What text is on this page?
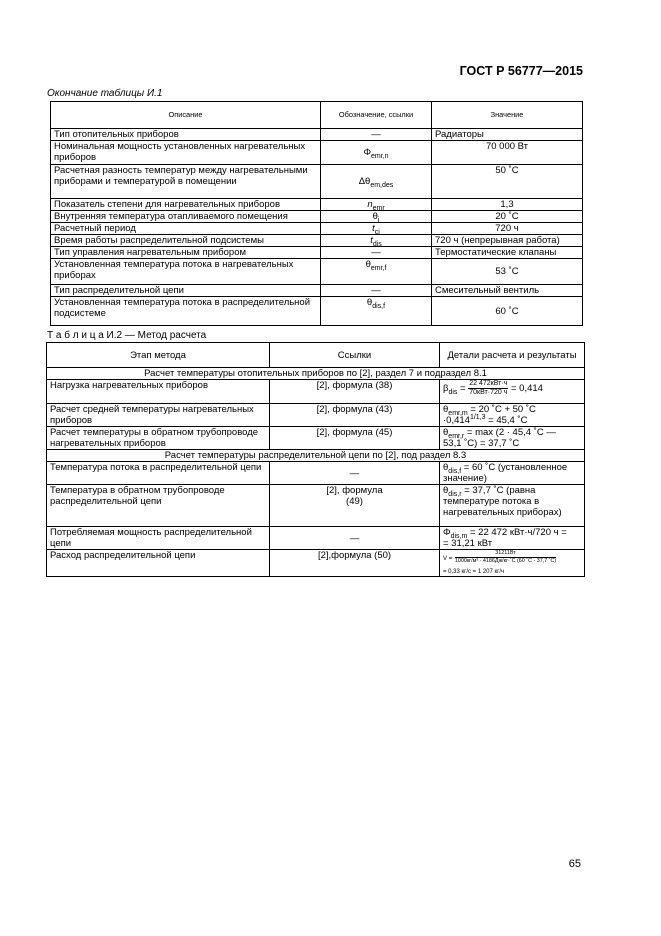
ГОСТ Р 56777—2015
Окончание таблицы И.1
Описание	Обозначение, ссылки	Значение
Тип отопительных приборов	—	Радиаторы
Номинальная мощность установленных нагревательных приборов	$\Phi_{emr,n}$	70 000 Вт
Расчетная разность температур между нагревательными приборами и температурой в помещении	$\Delta\theta_{em,des}$	50 ˚С
Показатель степени для нагревательных приборов	$n_{emr}$	1,3
Внутренняя температура отапливаемого помещения	$\theta_i$	20 ˚С
Расчетный период	$t_{ci}$	720 ч
Время работы распределительной подсистемы	$t_{dis}$	720 ч (непрерывная работа)
Тип управления нагревательным прибором	—	Термостатические клапаны
Установленная температура потока в нагревательных приборах	$\theta_{emr,f}$	53 ˚С
Тип распределительной цепи	—	Смесительный вентиль
Установленная температура потока в распределительной подсистеме	$\theta_{dis,f}$	60 ˚С
Т а б л и ц а И.2 — Метод расчета
Этап метода	Ссылки	Детали расчета и результаты
Расчет температуры отопительных приборов по [2], раздел 7 и подраздел 8.1		
Нагрузка нагревательных приборов	[2], формула (38)	$\beta_{dis} = \frac{\text{22 472кВт·ч}}{\text{70кВт·720 ч}} = 0,414$
Расчет средней температуры нагревательных приборов	[2], формула (43)	$\theta_{emr,m} = 20$ ˚С + 50 ˚С
$\cdot 0,414^{1/1,3} = 45,4$ ˚С
Расчет температуры в обратном трубопроводе нагревательных приборов	[2], формула (45)	$\theta_{emr,r} = \max (2 \cdot 45,4$ ˚С —
53,1 ˚С) = 37,7 ˚С
Расчет температуры распределительной цепи по [2], под раздел 8.3		
Температура потока в распределительной цепи	—	$\theta_{dis,f} = 60$ ˚С (установленное значение)
Температура в обратном трубопроводе распределительной цепи	[2], формула (49)	$\theta_{dis,r} = 37,7$ ˚С (равна температуре потока в нагревательных приборах)
Потребляемая мощность распределительной цепи	—	$\Phi_{dis,m} = 22$ 472 кВт·ч/720 ч =
= 31,21 кВт
Расход распределительной цепи	[2],формула (50)	$V = \frac{31211Вт}{\text{1000кг/м³ · 4186Дж/кг·˚С (60 ˚С - 37,7 ˚С)}}$

= 0,33 кг/с = 1 207 кг/ч
65
